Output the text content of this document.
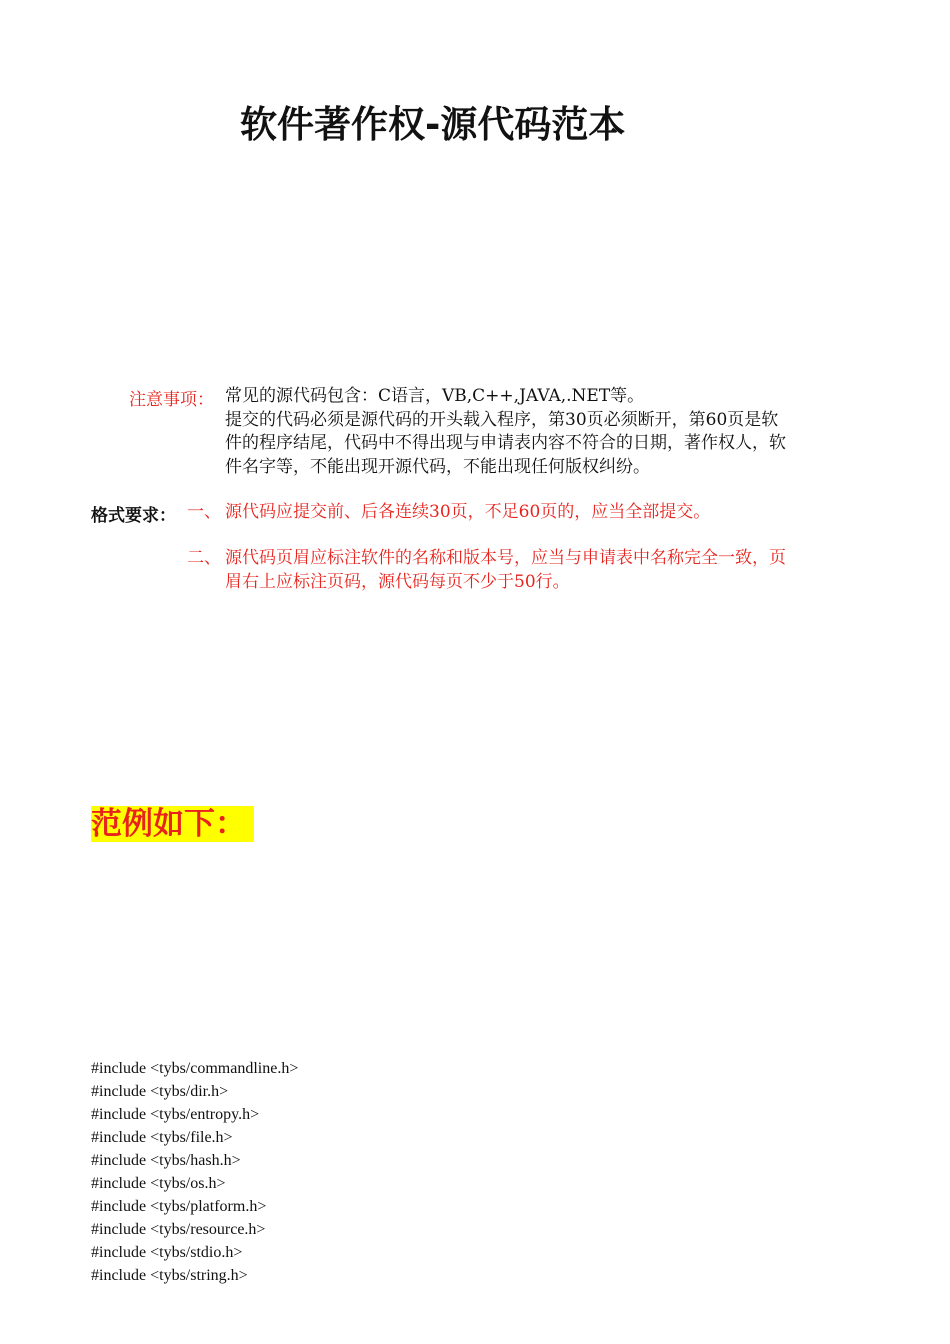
软件著作权-源代码范本
注意事项： 常见的源代码包含：C语言，VB,C++,JAVA,.NET等。
提交的代码必须是源代码的开头载入程序，第30页必须断开，第60页是软
件的程序结尾，代码中不得出现与申请表内容不符合的日期，著作权人，软
件名字等，不能出现开源代码，不能出现任何版权纠纷。
格式要求： 一、 源代码应提交前、后各连续30页，不足60页的，应当全部提交。
二、 源代码页眉应标注软件的名称和版本号，应当与申请表中名称完全一致，页
眉右上应标注页码，源代码每页不少于50行。
范例如下：
#include <tybs/commandline.h>
#include <tybs/dir.h>
#include <tybs/entropy.h>
#include <tybs/file.h>
#include <tybs/hash.h>
#include <tybs/os.h>
#include <tybs/platform.h>
#include <tybs/resource.h>
#include <tybs/stdio.h>
#include <tybs/string.h>
